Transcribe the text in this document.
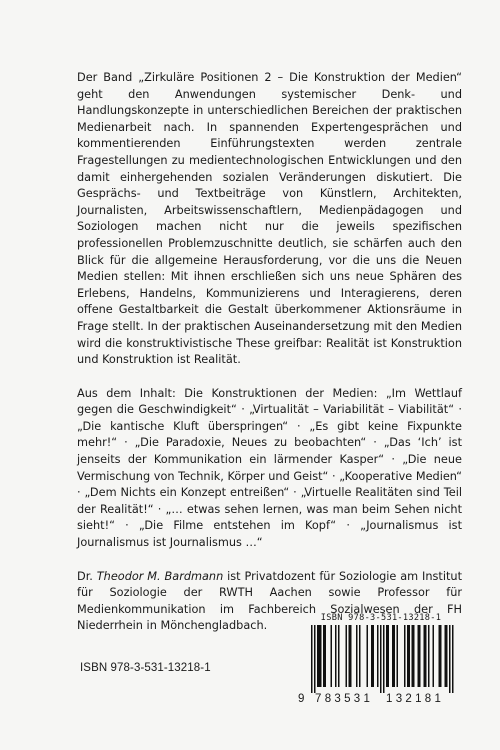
Der Band „Zirkuläre Positionen 2 – Die Konstruktion der Medien“ geht den Anwendungen systemischer Denk- und Handlungskonzepte in unterschiedlichen Bereichen der praktischen Medienarbeit nach. In spannenden Expertengesprächen und kommentierenden Einführungstexten werden zentrale Fragestellungen zu medientechnologischen Entwicklungen und den damit einhergehenden sozialen Veränderungen diskutiert. Die Gesprächs- und Textbeiträge von Künstlern, Architekten, Journalisten, Arbeitswissenschaftlern, Medienpädagogen und Soziologen machen nicht nur die jeweils spezifischen professionellen Problemzuschnitte deutlich, sie schärfen auch den Blick für die allgemeine Herausforderung, vor die uns die Neuen Medien stellen: Mit ihnen erschließen sich uns neue Sphären des Erlebens, Handelns, Kommunizierens und Interagierens, deren offene Gestaltbarkeit die Gestalt überkommener Aktionsräume in Frage stellt. In der praktischen Auseinandersetzung mit den Medien wird die konstruktivistische These greifbar: Realität ist Konstruktion und Konstruktion ist Realität.

Aus dem Inhalt: Die Konstruktionen der Medien: „Im Wettlauf gegen die Geschwindigkeit“ · „Virtualität – Variabilität – Viabilität“ · „Die kantische Kluft überspringen“ · „Es gibt keine Fixpunkte mehr!“ · „Die Paradoxie, Neues zu beobachten“ · „Das ‘Ich’ ist jenseits der Kommunikation ein lärmender Kasper“ · „Die neue Vermischung von Technik, Körper und Geist“ · „Kooperative Medien“ · „Dem Nichts ein Konzept entreißen“ · „Virtuelle Realitäten sind Teil der Realität!“ · „… etwas sehen lernen, was man beim Sehen nicht sieht!“ · „Die Filme entstehen im Kopf“ · „Journalismus ist Journalismus ist Journalismus …“

Dr. Theodor M. Bardmann ist Privatdozent für Soziologie am Institut für Soziologie der RWTH Aachen sowie Professor für Medienkommunikation im Fachbereich Sozialwesen der FH Niederrhein in Mönchengladbach.

ISBN 978-3-531-13218-1
ISBN 978-3-531-13218-1
9 783531 132181
